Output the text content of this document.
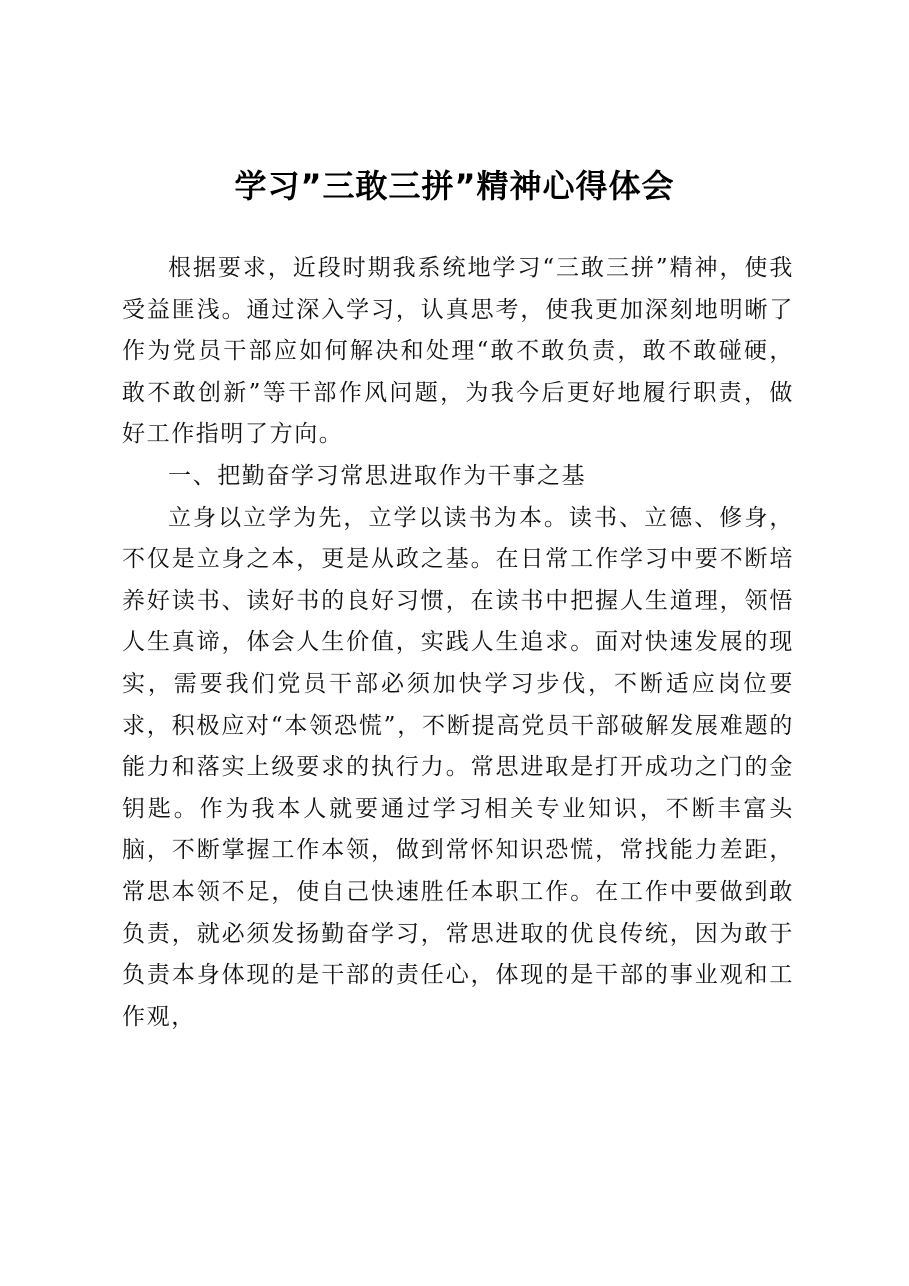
学习”三敢三拼”精神心得体会

根据要求，近段时期我系统地学习“三敢三拼”精神，使我受益匪浅。通过深入学习，认真思考，使我更加深刻地明晰了作为党员干部应如何解决和处理“敢不敢负责，敢不敢碰硬，敢不敢创新”等干部作风问题，为我今后更好地履行职责，做好工作指明了方向。

一、把勤奋学习常思进取作为干事之基

立身以立学为先，立学以读书为本。读书、立德、修身，不仅是立身之本，更是从政之基。在日常工作学习中要不断培养好读书、读好书的良好习惯，在读书中把握人生道理，领悟人生真谛，体会人生价值，实践人生追求。面对快速发展的现实，需要我们党员干部必须加快学习步伐，不断适应岗位要求，积极应对“本领恐慌”，不断提高党员干部破解发展难题的能力和落实上级要求的执行力。常思进取是打开成功之门的金钥匙。作为我本人就要通过学习相关专业知识，不断丰富头脑，不断掌握工作本领，做到常怀知识恐慌，常找能力差距，常思本领不足，使自己快速胜任本职工作。在工作中要做到敢负责，就必须发扬勤奋学习，常思进取的优良传统，因为敢于负责本身体现的是干部的责任心，体现的是干部的事业观和工作观，
